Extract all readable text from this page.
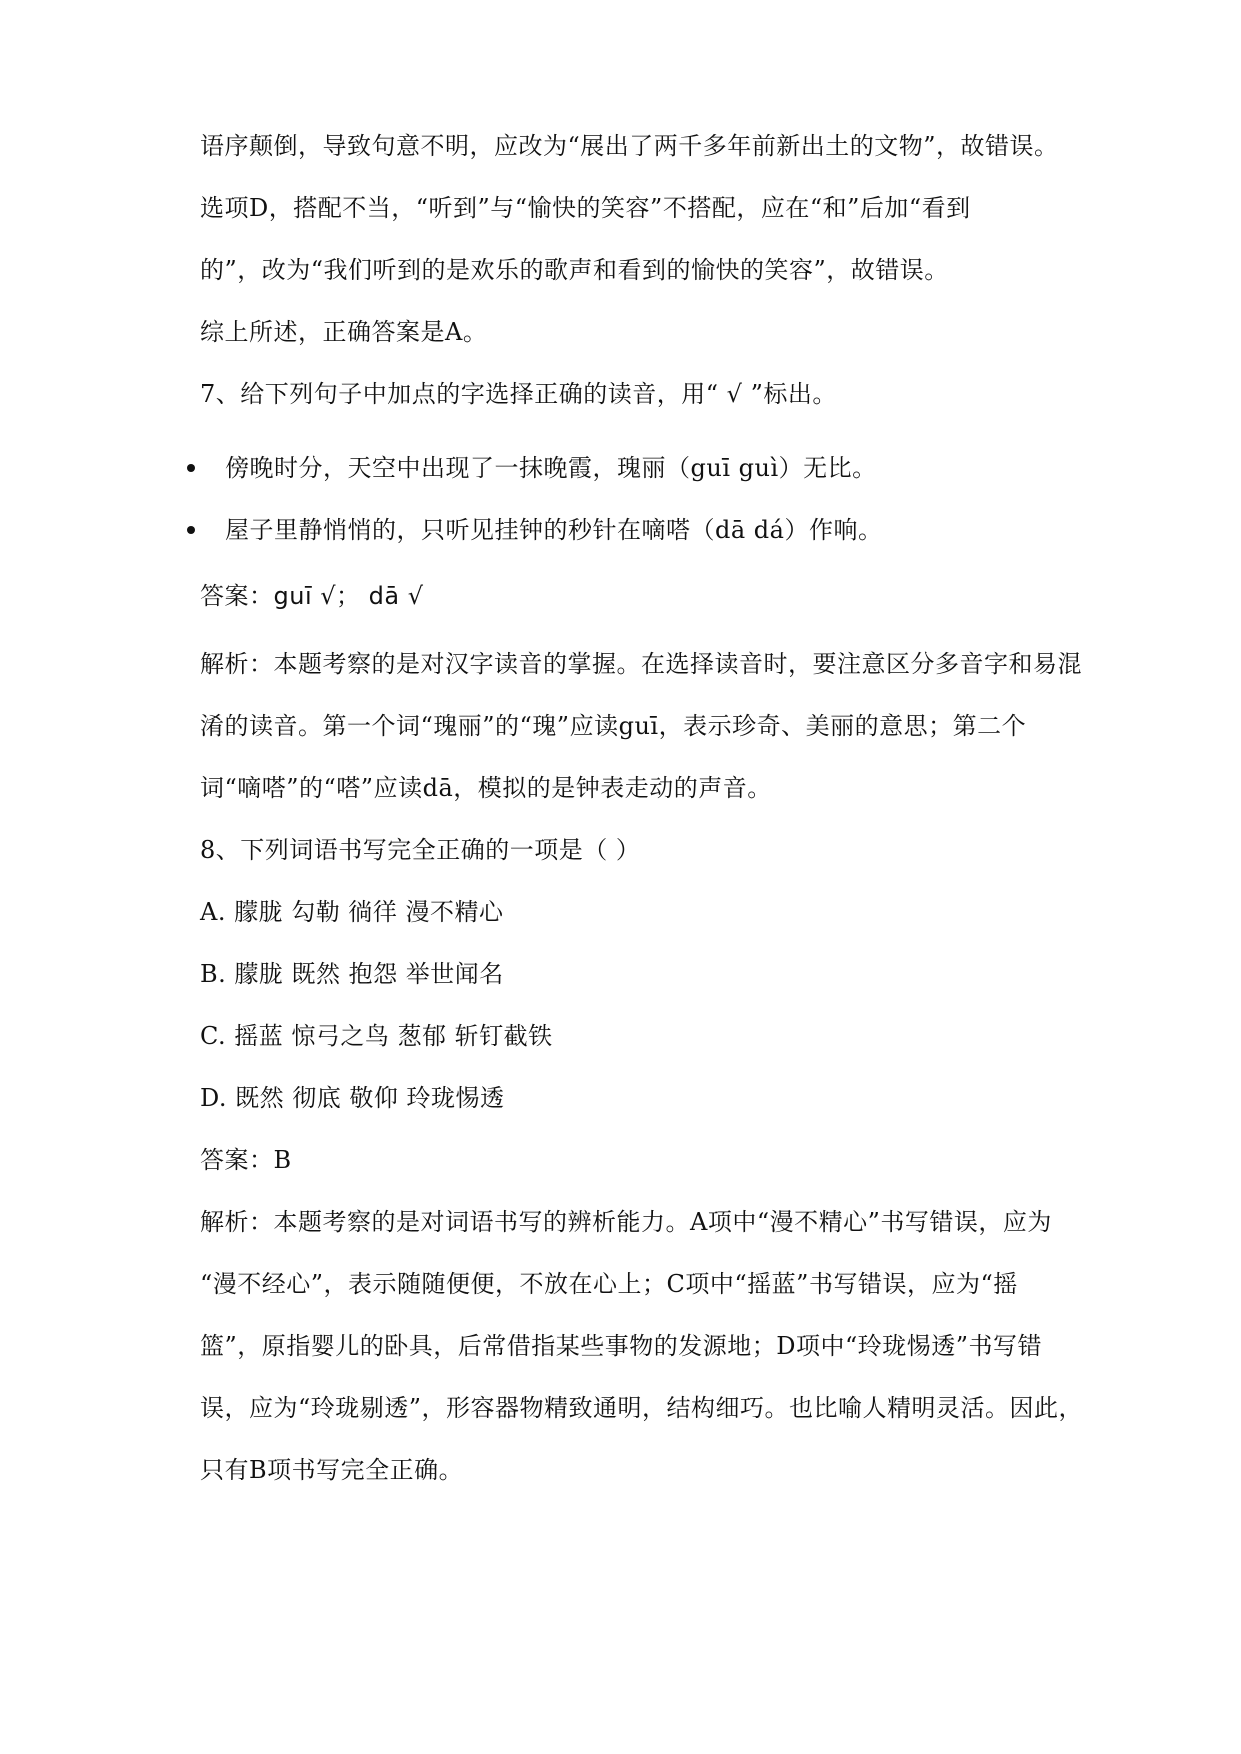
语序颠倒，导致句意不明，应改为“展出了两千多年前新出土的文物”，故错误。
选项D，搭配不当，“听到”与“愉快的笑容”不搭配，应在“和”后加“看到
的”，改为“我们听到的是欢乐的歌声和看到的愉快的笑容”，故错误。
综上所述，正确答案是A。
7、给下列句子中加点的字选择正确的读音，用“ √ ”标出。
傍晚时分，天空中出现了一抹晚霞，瑰丽（guī guì）无比。
屋子里静悄悄的，只听见挂钟的秒针在嘀嗒（dā dá）作响。
答案：guī √； dā √
解析：本题考察的是对汉字读音的掌握。在选择读音时，要注意区分多音字和易混
淆的读音。第一个词“瑰丽”的“瑰”应读guī，表示珍奇、美丽的意思；第二个
词“嘀嗒”的“嗒”应读dā，模拟的是钟表走动的声音。
8、下列词语书写完全正确的一项是（ ）
A. 朦胧 勾勒 徜徉 漫不精心
B. 朦胧 既然 抱怨 举世闻名
C. 摇蓝 惊弓之鸟 葱郁 斩钉截铁
D. 既然 彻底 敬仰 玲珑惕透
答案：B
解析：本题考察的是对词语书写的辨析能力。A项中“漫不精心”书写错误，应为
“漫不经心”，表示随随便便，不放在心上；C项中“摇蓝”书写错误，应为“摇
篮”，原指婴儿的卧具，后常借指某些事物的发源地；D项中“玲珑惕透”书写错
误，应为“玲珑剔透”，形容器物精致通明，结构细巧。也比喻人精明灵活。因此，
只有B项书写完全正确。
